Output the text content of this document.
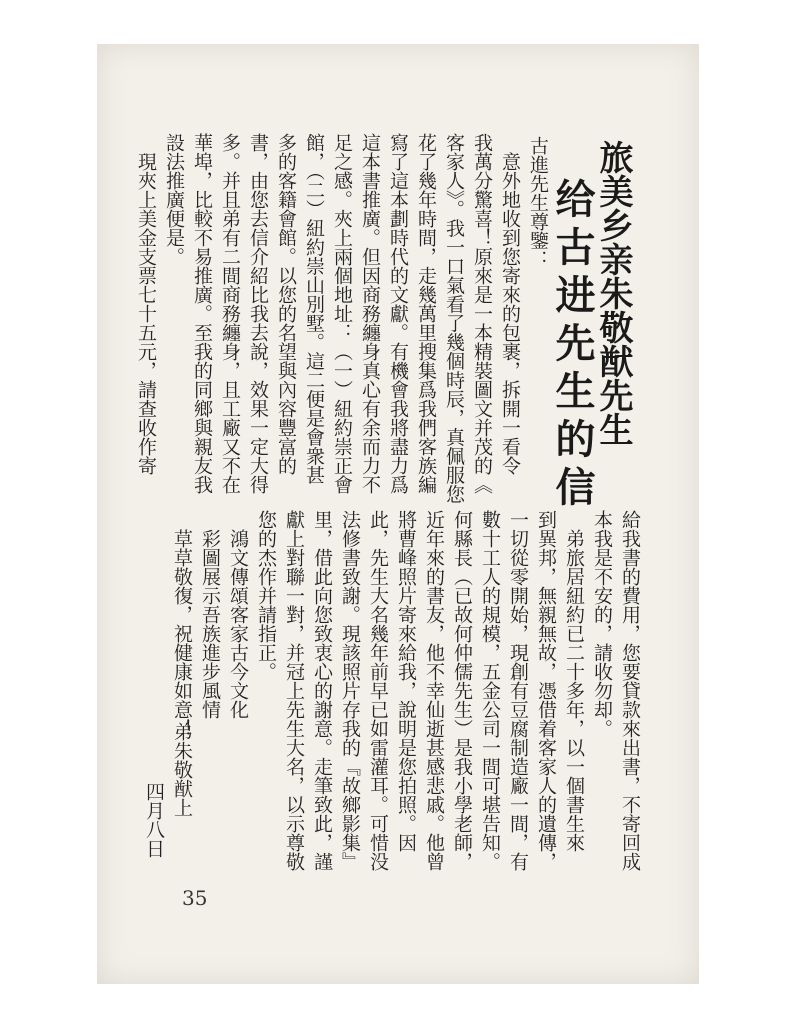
旅美乡亲朱敬猷先生
给古进先生的信
古進先生尊鑒：
　意外地收到您寄來的包裹，拆開一看令
我萬分驚喜！原來是一本精裝圖文并茂的《
客家人》。我一口氣看了幾個時辰，真佩服您
花了幾年時間，走幾萬里搜集爲我們客族編
寫了這本劃時代的文獻。有機會我將盡力爲
這本書推廣。但因商務纏身真心有余而力不
足之感。夾上兩個地址：（一）紐約崇正會
館，（二）紐約崇山別墅。這二便是會衆甚
多的客籍會館。以您的名望與內容豐富的
書，由您去信介紹比我去說，效果一定大得
多。并且弟有二間商務纏身，且工廠又不在
華埠，比較不易推廣。至我的同鄉與親友我
設法推廣便是。
　現夾上美金支票七十五元，請查收作寄
給我書的費用，您要貸款來出書，不寄回成
本我是不安的，請收勿却。
　弟旅居紐約已二十多年，以一個書生來
到異邦，無親無故，憑借着客家人的遺傳，
一切從零開始，現創有豆腐制造廠一間，有
數十工人的規模，五金公司一間可堪告知。
何縣長（已故何仲儒先生）是我小學老師，
近年來的書友，他不幸仙逝甚感悲戚。他曾
將曹峰照片寄來給我，說明是您拍照。因
此，先生大名幾年前早已如雷灌耳。可惜没
法修書致謝。現該照片存我的『故鄉影集』
里，借此向您致衷心的謝意。走筆致此，謹
獻上對聯一對，并冠上先生大名，以示尊敬
您的杰作并請指正。
　鴻文傳頌客家古今文化
　彩圖展示吾族進步風情
　草草敬復，祝健康如意！
弟朱敬猷上
四月八日
35
